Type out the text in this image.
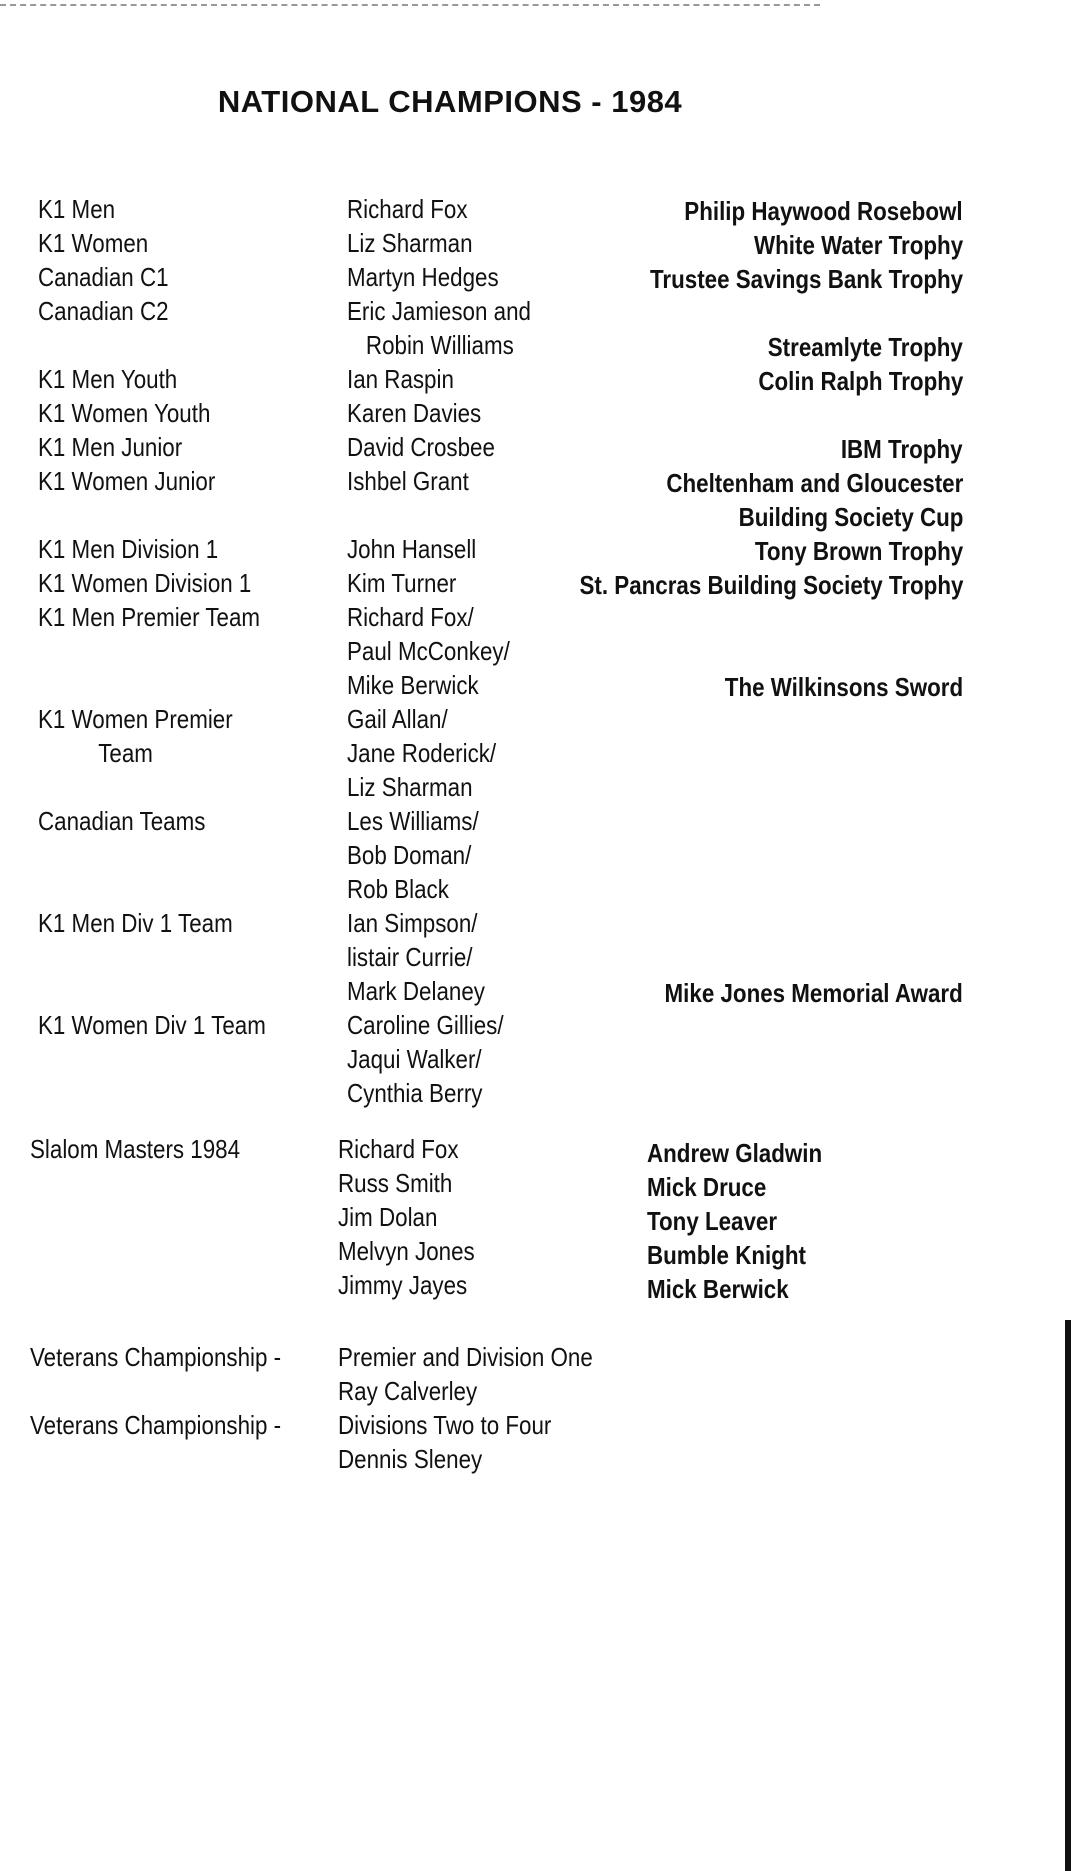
NATIONAL CHAMPIONS - 1984
K1 Men
K1 Women
Canadian C1
Canadian C2
K1 Men Youth
K1 Women Youth
K1 Men Junior
K1 Women Junior
K1 Men Division 1
K1 Women Division 1
K1 Men Premier Team
K1 Women Premier
Team
Canadian Teams
K1 Men Div 1 Team
K1 Women Div 1 Team
Richard Fox
Liz Sharman
Martyn Hedges
Eric Jamieson and
Robin Williams
Ian Raspin
Karen Davies
David Crosbee
Ishbel Grant
John Hansell
Kim Turner
Richard Fox/
Paul McConkey/
Mike Berwick
Gail Allan/
Jane Roderick/
Liz Sharman
Les Williams/
Bob Doman/
Rob Black
Ian Simpson/
listair Currie/
Mark Delaney
Caroline Gillies/
Jaqui Walker/
Cynthia Berry
Philip Haywood Rosebowl
White Water Trophy
Trustee Savings Bank Trophy
Streamlyte Trophy
Colin Ralph Trophy
IBM Trophy
Cheltenham and Gloucester
Building Society Cup
Tony Brown Trophy
St. Pancras Building Society Trophy
The Wilkinsons Sword
Mike Jones Memorial Award
Slalom Masters 1984	Richard Fox
Russ Smith
Jim Dolan
Melvyn Jones
Jimmy Jayes
Andrew Gladwin
Mick Druce
Tony Leaver
Bumble Knight
Mick Berwick
Veterans Championship - Premier and Division One
Ray Calverley
Veterans Championship - Divisions Two to Four
Dennis Sleney
